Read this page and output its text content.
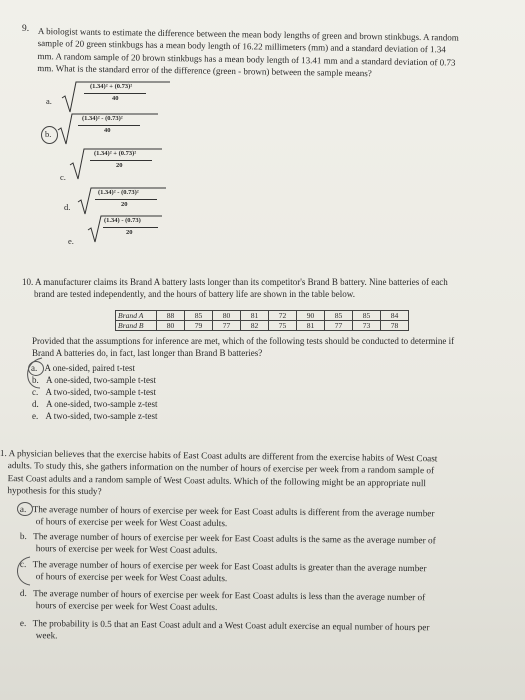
9. A biologist wants to estimate the difference between the mean body lengths of green and brown stinkbugs. A random
sample of 20 green stinkbugs has a mean body length of 16.22 millimeters (mm) and a standard deviation of 1.34
mm. A random sample of 20 brown stinkbugs has a mean body length of 13.41 mm and a standard deviation of 0.73
mm. What is the standard error of the difference (green - brown) between the sample means?
a.
(1.34)² + (0.73)²
40
b.
(1.34)² - (0.73)²
40
c.
(1.34)² + (0.73)²
20
d.
(1.34)² - (0.73)²
20
(1.34) - (0.73)
20
e.
10. A manufacturer claims its Brand A battery lasts longer than its competitor's Brand B battery. Nine batteries of each
brand are tested independently, and the hours of battery life are shown in the table below.
Brand A	88	85	80	81	72	90	85	85	84
Brand B	80	79	77	82	75	81	77	73	78
Provided that the assumptions for inference are met, which of the following tests should be conducted to determine if
Brand A batteries do, in fact, last longer than Brand B batteries?
a. A one-sided, paired t-test
b. A one-sided, two-sample t-test
c. A two-sided, two-sample t-test
d. A one-sided, two-sample z-test
e. A two-sided, two-sample z-test
1. A physician believes that the exercise habits of East Coast adults are different from the exercise habits of West Coast
adults. To study this, she gathers information on the number of hours of exercise per week from a random sample of
East Coast adults and a random sample of West Coast adults. Which of the following might be an appropriate null
hypothesis for this study?
a. The average number of hours of exercise per week for East Coast adults is different from the average number
of hours of exercise per week for West Coast adults.
b. The average number of hours of exercise per week for East Coast adults is the same as the average number of
hours of exercise per week for West Coast adults.
c. The average number of hours of exercise per week for East Coast adults is greater than the average number
of hours of exercise per week for West Coast adults.
d. The average number of hours of exercise per week for East Coast adults is less than the average number of
hours of exercise per week for West Coast adults.
e. The probability is 0.5 that an East Coast adult and a West Coast adult exercise an equal number of hours per
week.
